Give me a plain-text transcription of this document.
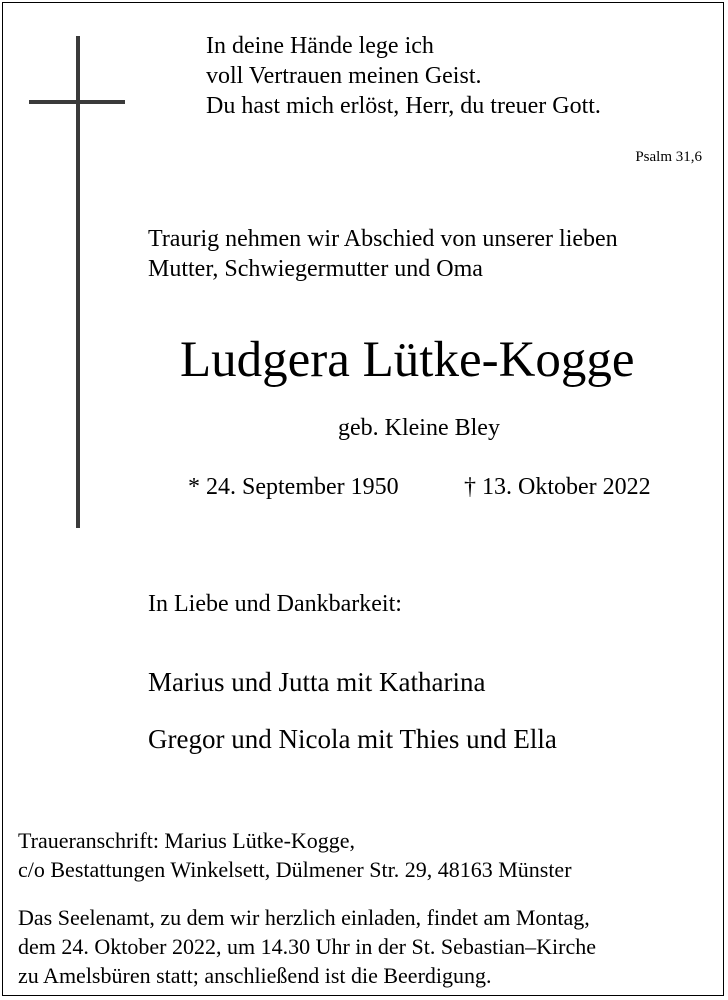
In deine Hände lege ich
voll Vertrauen meinen Geist.
Du hast mich erlöst, Herr, du treuer Gott.
Psalm 31,6
Traurig nehmen wir Abschied von unserer lieben
Mutter, Schwiegermutter und Oma
Ludgera Lütke-Kogge
geb. Kleine Bley
* 24. September 1950	† 13. Oktober 2022
In Liebe und Dankbarkeit:
Marius und Jutta mit Katharina
Gregor und Nicola mit Thies und Ella
Traueranschrift: Marius Lütke-Kogge,
c/o Bestattungen Winkelsett, Dülmener Str. 29, 48163 Münster
Das Seelenamt, zu dem wir herzlich einladen, findet am Montag,
dem 24. Oktober 2022, um 14.30 Uhr in der St. Sebastian–Kirche
zu Amelsbüren statt; anschließend ist die Beerdigung.
